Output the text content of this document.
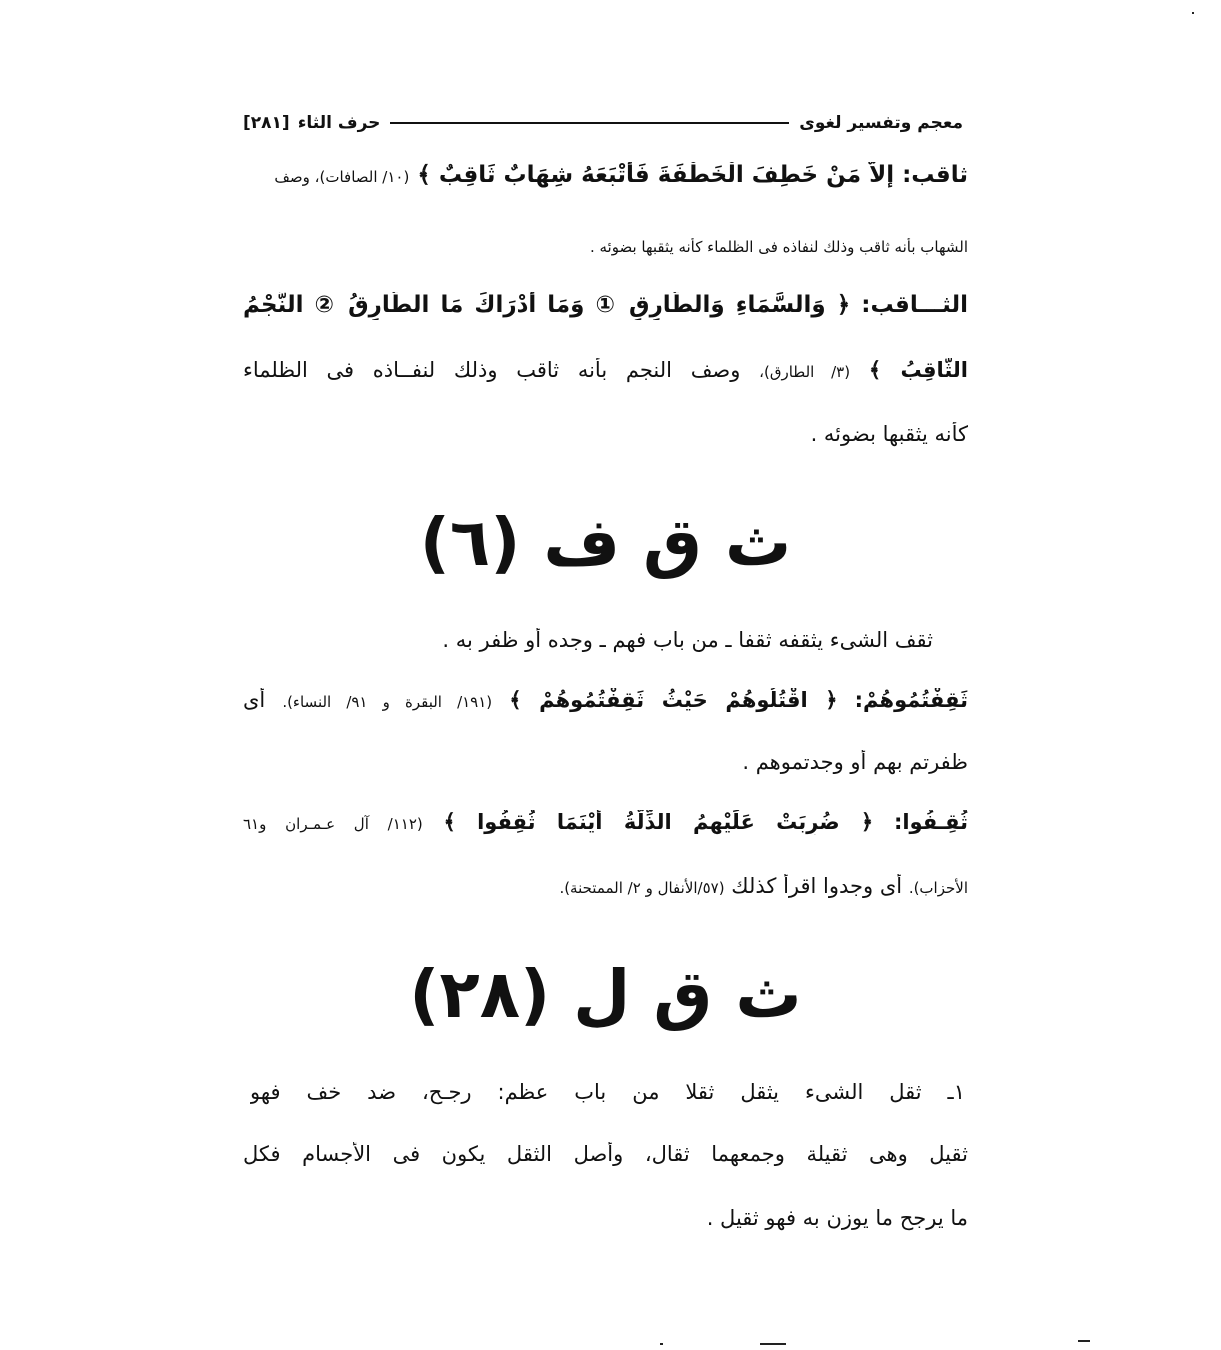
معجم وتفسير لغوى
حرف الثاء
[٢٨١]
ثاقب: إلاَّ مَنْ خَطِفَ الْخَطْفَةَ فَأَتْبَعَهُ شِهَابٌ ثَاقِبٌ ﴾ (١٠/ الصافات)، وصف
الشهاب بأنه ثاقب وذلك لنفاذه فى الظلماء كأنه يثقبها بضوئه .
الثـــاقب: ﴿ وَالسَّمَاءِ وَالطَّارِقِ ① وَمَا أَدْرَاكَ مَا الطَّارِقُ ② النَّجْمُ
الثَّاقِبُ ﴾ (٣/ الطارق)، وصف النجم بأنه ثاقب وذلك لنفــاذه فى الظلماء
كأنه يثقبها بضوئه .
ث ق ف (٦)
ثقف الشىء يثقفه ثقفا ـ من باب فهم ـ وجده أو ظفر به .
ثَقِفْتُمُوهُمْ: ﴿ اقْتُلُوهُمْ حَيْثُ ثَقِفْتُمُوهُمْ ﴾ (١٩١/ البقرة و ٩١/ النساء). أى
ظفرتم بهم أو وجدتموهم .
ثُقِـفُوا: ﴿ ضُرِبَتْ عَلَيْهِمُ الذِّلَّةُ أَيْنَمَا ثُقِفُوا ﴾ (١١٢/ آل عـمـران و٦١
الأحزاب). أى وجدوا اقرأ كذلك (٥٧/الأنفال و ٢/ الممتحنة).
ث ق ل (٢٨)
١ـ ثقل الشىء يثقل ثقلا من باب عظم: رجـح، ضد خف فهو
ثقيل وهى ثقيلة وجمعهما ثقال، وأصل الثقل يكون فى الأجسام فكل
ما يرجح ما يوزن به فهو ثقيل .
